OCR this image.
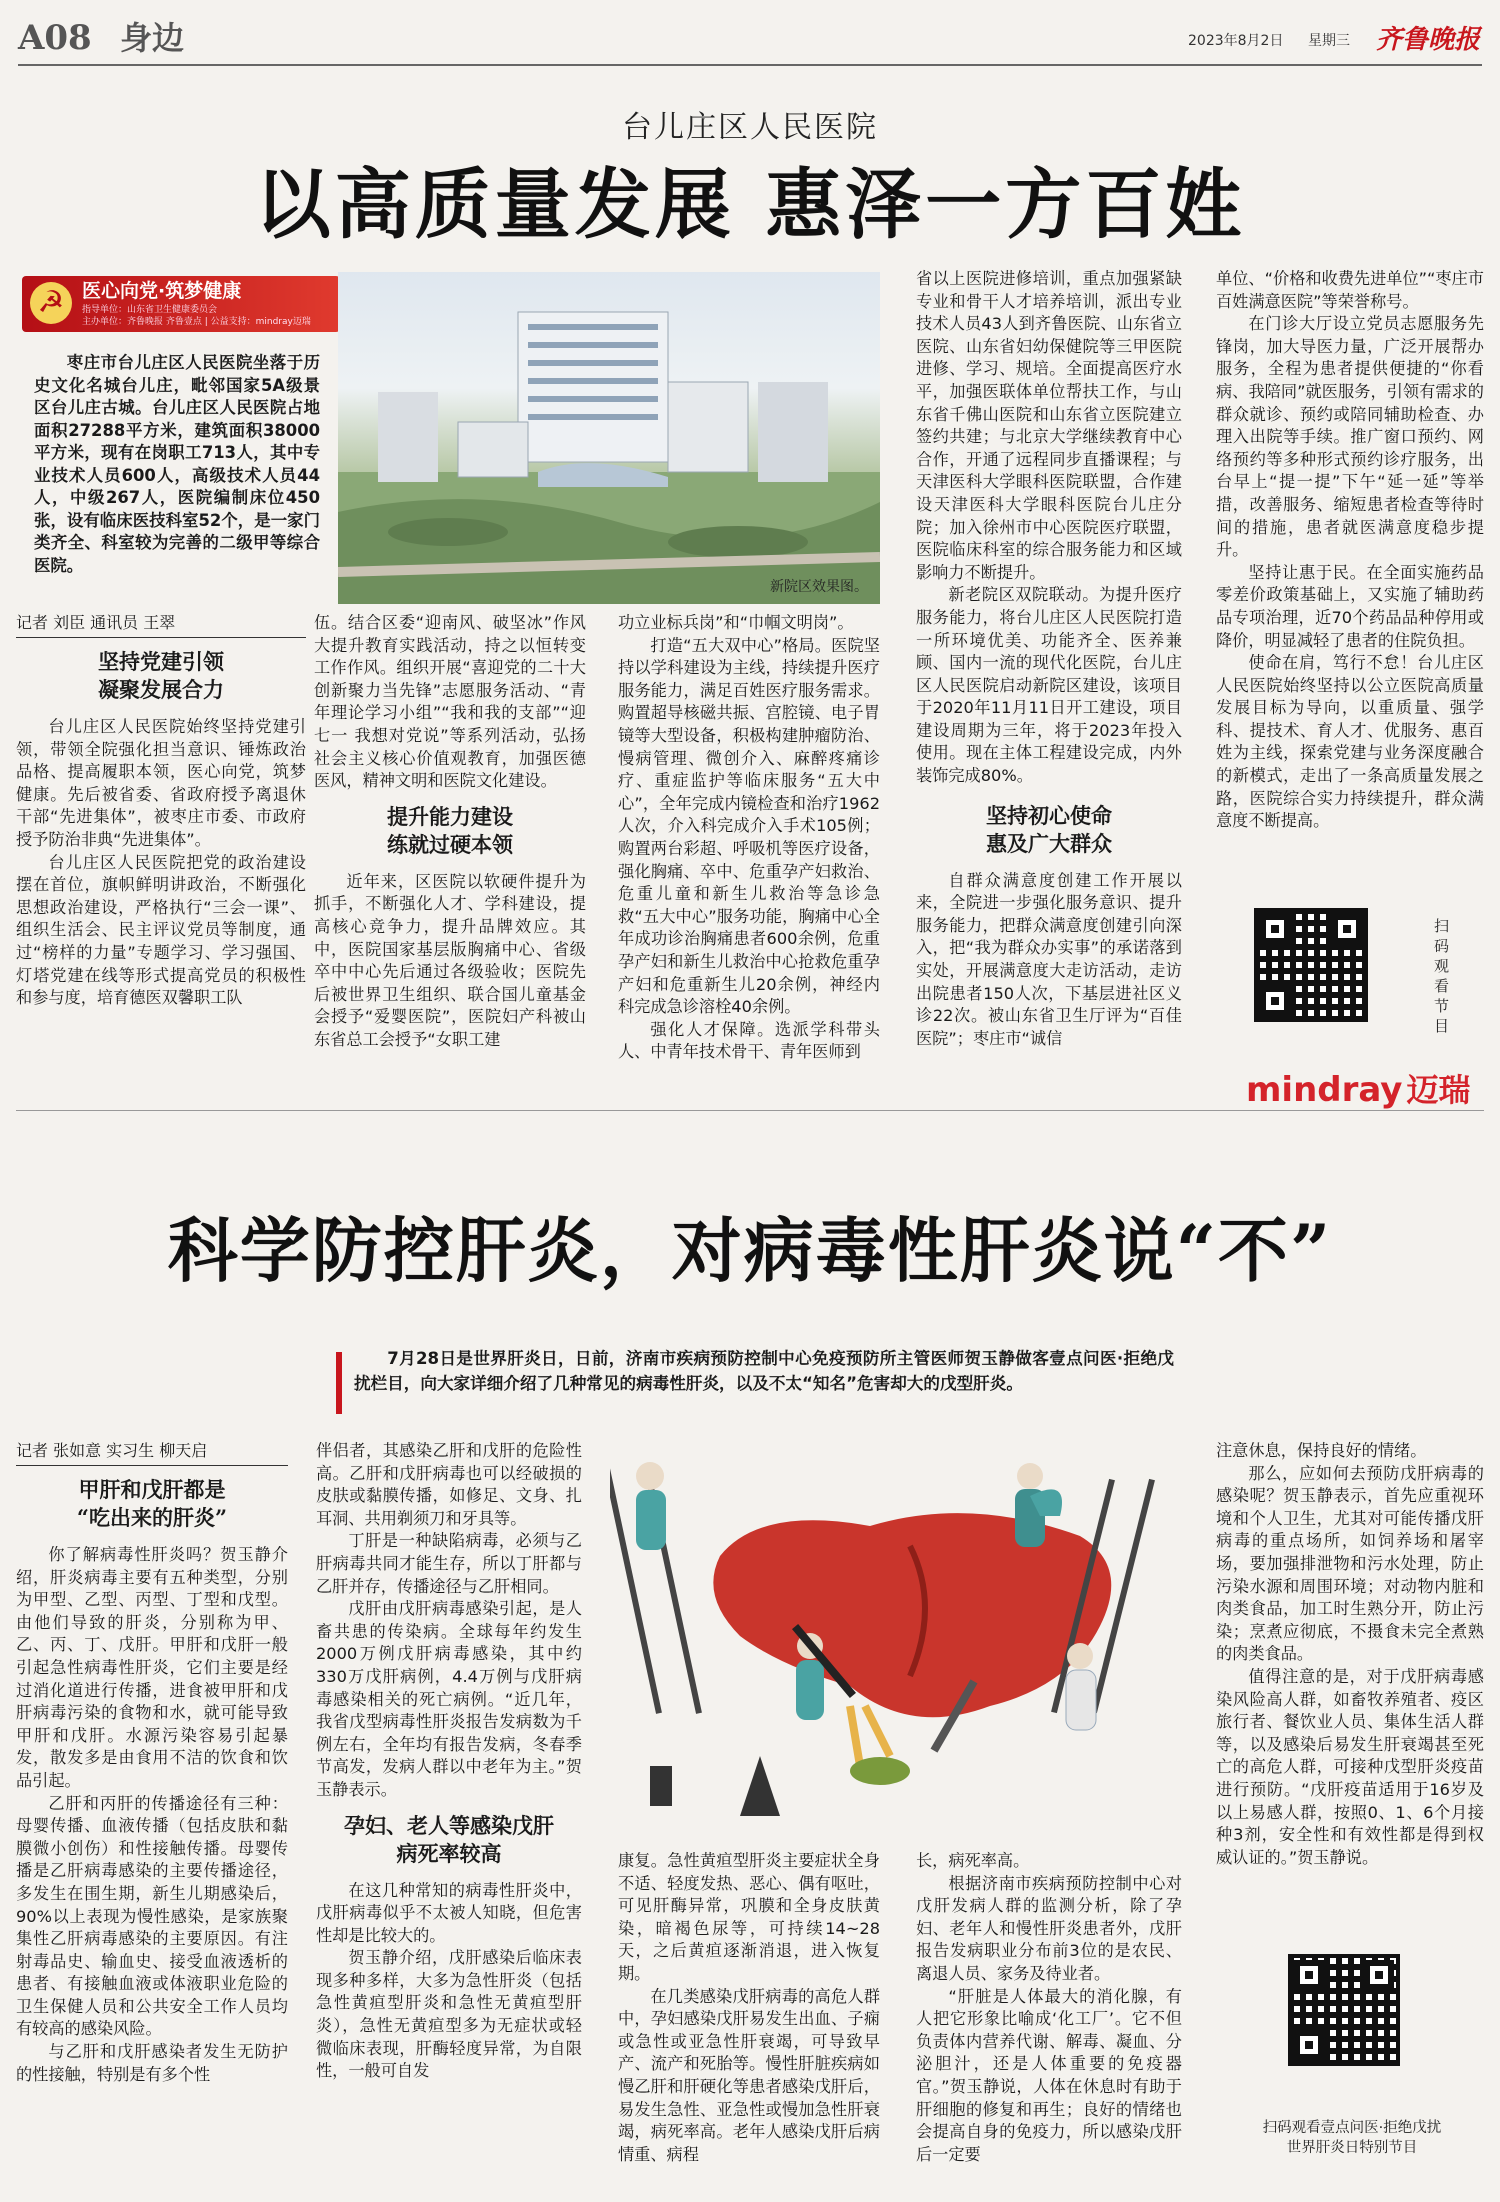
A08 身边	2023年8月2日 星期三 齐鲁晚报
台儿庄区人民医院
以高质量发展 惠泽一方百姓
☭ 医心向党·筑梦健康
指导单位：山东省卫生健康委员会
主办单位：齐鲁晚报 齐鲁壹点 | 公益支持：mindray迈瑞

枣庄市台儿庄区人民医院坐落于历史文化名城台儿庄，毗邻国家5A级景区台儿庄古城。台儿庄区人民医院占地面积27288平方米，建筑面积38000平方米，现有在岗职工713人，其中专业技术人员600人，高级技术人员44人，中级267人，医院编制床位450张，设有临床医技科室52个，是一家门类齐全、科室较为完善的二级甲等综合医院。

新院区效果图。
记者 刘臣 通讯员 王翠
坚持党建引领
凝聚发展合力

台儿庄区人民医院始终坚持党建引领，带领全院强化担当意识、锤炼政治品格、提高履职本领，医心向党，筑梦健康。先后被省委、省政府授予离退休干部“先进集体”，被枣庄市委、市政府授予防治非典“先进集体”。

台儿庄区人民医院把党的政治建设摆在首位，旗帜鲜明讲政治，不断强化思想政治建设，严格执行“三会一课”、组织生活会、民主评议党员等制度，通过“榜样的力量”专题学习、学习强国、灯塔党建在线等形式提高党员的积极性和参与度，培育德医双馨职工队

伍。结合区委“迎南风、破坚冰”作风大提升教育实践活动，持之以恒转变工作作风。组织开展“喜迎党的二十大 创新聚力当先锋”志愿服务活动、“青年理论学习小组”“我和我的支部”“迎七一 我想对党说”等系列活动，弘扬社会主义核心价值观教育，加强医德医风，精神文明和医院文化建设。

提升能力建设
练就过硬本领

近年来，区医院以软硬件提升为抓手，不断强化人才、学科建设，提高核心竞争力，提升品牌效应。其中，医院国家基层版胸痛中心、省级卒中中心先后通过各级验收；医院先后被世界卫生组织、联合国儿童基金会授予“爱婴医院”，医院妇产科被山东省总工会授予“女职工建

功立业标兵岗”和“巾帼文明岗”。

打造“五大双中心”格局。医院坚持以学科建设为主线，持续提升医疗服务能力，满足百姓医疗服务需求。购置超导核磁共振、宫腔镜、电子胃镜等大型设备，积极构建肿瘤防治、慢病管理、微创介入、麻醉疼痛诊疗、重症监护等临床服务“五大中心”，全年完成内镜检查和治疗1962人次，介入科完成介入手术105例；购置两台彩超、呼吸机等医疗设备，强化胸痛、卒中、危重孕产妇救治、危重儿童和新生儿救治等急诊急救“五大中心”服务功能，胸痛中心全年成功诊治胸痛患者600余例，危重孕产妇和新生儿救治中心抢救危重孕产妇和危重新生儿20余例，神经内科完成急诊溶栓40余例。

强化人才保障。选派学科带头人、中青年技术骨干、青年医师到

省以上医院进修培训，重点加强紧缺专业和骨干人才培养培训，派出专业技术人员43人到齐鲁医院、山东省立医院、山东省妇幼保健院等三甲医院进修、学习、规培。全面提高医疗水平，加强医联体单位帮扶工作，与山东省千佛山医院和山东省立医院建立签约共建；与北京大学继续教育中心合作，开通了远程同步直播课程；与天津医科大学眼科医院联盟，合作建设天津医科大学眼科医院台儿庄分院；加入徐州市中心医院医疗联盟，医院临床科室的综合服务能力和区域影响力不断提升。

新老院区双院联动。为提升医疗服务能力，将台儿庄区人民医院打造一所环境优美、功能齐全、医养兼顾、国内一流的现代化医院，台儿庄区人民医院启动新院区建设，该项目于2020年11月11日开工建设，项目建设周期为三年，将于2023年投入使用。现在主体工程建设完成，内外装饰完成80%。

坚持初心使命
惠及广大群众

自群众满意度创建工作开展以来，全院进一步强化服务意识、提升服务能力，把群众满意度创建引向深入，把“我为群众办实事”的承诺落到实处，开展满意度大走访活动，走访出院患者150人次，下基层进社区义诊22次。被山东省卫生厅评为“百佳医院”；枣庄市“诚信

单位、“价格和收费先进单位”“枣庄市百姓满意医院”等荣誉称号。

在门诊大厅设立党员志愿服务先锋岗，加大导医力量，广泛开展帮办服务，全程为患者提供便捷的“你看病、我陪同”就医服务，引领有需求的群众就诊、预约或陪同辅助检查、办理入出院等手续。推广窗口预约、网络预约等多种形式预约诊疗服务，出台早上“提一提”下午“延一延”等举措，改善服务、缩短患者检查等待时间的措施，患者就医满意度稳步提升。

坚持让惠于民。在全面实施药品零差价政策基础上，又实施了辅助药品专项治理，近70个药品品种停用或降价，明显减轻了患者的住院负担。

使命在肩，笃行不怠！台儿庄区人民医院始终坚持以公立医院高质量发展目标为导向，以重质量、强学科、提技术、育人才、优服务、惠百姓为主线，探索党建与业务深度融合的新模式，走出了一条高质量发展之路，医院综合实力持续提升，群众满意度不断提高。

扫码观看节目
mindray 迈瑞
科学防控肝炎，对病毒性肝炎说“不”

7月28日是世界肝炎日，日前，济南市疾病预防控制中心免疫预防所主管医师贺玉静做客壹点问医·拒绝戊扰栏目，向大家详细介绍了几种常见的病毒性肝炎，以及不太“知名”危害却大的戊型肝炎。

记者 张如意 实习生 柳天启
甲肝和戊肝都是
“吃出来的肝炎”

你了解病毒性肝炎吗？贺玉静介绍，肝炎病毒主要有五种类型，分别为甲型、乙型、丙型、丁型和戊型。由他们导致的肝炎，分别称为甲、乙、丙、丁、戊肝。甲肝和戊肝一般引起急性病毒性肝炎，它们主要是经过消化道进行传播，进食被甲肝和戊肝病毒污染的食物和水，就可能导致甲肝和戊肝。水源污染容易引起暴发，散发多是由食用不洁的饮食和饮品引起。

乙肝和丙肝的传播途径有三种：母婴传播、血液传播（包括皮肤和黏膜微小创伤）和性接触传播。母婴传播是乙肝病毒感染的主要传播途径，多发生在围生期，新生儿期感染后，90%以上表现为慢性感染，是家族聚集性乙肝病毒感染的主要原因。有注射毒品史、输血史、接受血液透析的患者、有接触血液或体液职业危险的卫生保健人员和公共安全工作人员均有较高的感染风险。

与乙肝和戊肝感染者发生无防护的性接触，特别是有多个性

伴侣者，其感染乙肝和戊肝的危险性高。乙肝和戊肝病毒也可以经破损的皮肤或黏膜传播，如修足、文身、扎耳洞、共用剃须刀和牙具等。

丁肝是一种缺陷病毒，必须与乙肝病毒共同才能生存，所以丁肝都与乙肝并存，传播途径与乙肝相同。

戊肝由戊肝病毒感染引起，是人畜共患的传染病。全球每年约发生2000万例戊肝病毒感染，其中约330万戊肝病例，4.4万例与戊肝病毒感染相关的死亡病例。“近几年，我省戊型病毒性肝炎报告发病数为千例左右，全年均有报告发病，冬春季节高发，发病人群以中老年为主。”贺玉静表示。

孕妇、老人等感染戊肝
病死率较高

在这几种常知的病毒性肝炎中，戊肝病毒似乎不太被人知晓，但危害性却是比较大的。

贺玉静介绍，戊肝感染后临床表现多种多样，大多为急性肝炎（包括急性黄疸型肝炎和急性无黄疸型肝炎），急性无黄疸型多为无症状或轻微临床表现，肝酶轻度异常，为自限性，一般可自发

康复。急性黄疸型肝炎主要症状全身不适、轻度发热、恶心、偶有呕吐，可见肝酶异常，巩膜和全身皮肤黄染，暗褐色尿等，可持续14~28天，之后黄疸逐渐消退，进入恢复期。

在几类感染戊肝病毒的高危人群中，孕妇感染戊肝易发生出血、子痫或急性或亚急性肝衰竭，可导致早产、流产和死胎等。慢性肝脏疾病如慢乙肝和肝硬化等患者感染戊肝后，易发生急性、亚急性或慢加急性肝衰竭，病死率高。老年人感染戊肝后病情重、病程

长，病死率高。

根据济南市疾病预防控制中心对戊肝发病人群的监测分析，除了孕妇、老年人和慢性肝炎患者外，戊肝报告发病职业分布前3位的是农民、离退人员、家务及待业者。

“肝脏是人体最大的消化腺，有人把它形象比喻成‘化工厂’。它不但负责体内营养代谢、解毒、凝血、分泌胆汁，还是人体重要的免疫器官。”贺玉静说，人体在休息时有助于肝细胞的修复和再生；良好的情绪也会提高自身的免疫力，所以感染戊肝后一定要

注意休息，保持良好的情绪。

那么，应如何去预防戊肝病毒的感染呢？贺玉静表示，首先应重视环境和个人卫生，尤其对可能传播戊肝病毒的重点场所，如饲养场和屠宰场，要加强排泄物和污水处理，防止污染水源和周围环境；对动物内脏和肉类食品，加工时生熟分开，防止污染；烹煮应彻底，不摄食未完全煮熟的肉类食品。

值得注意的是，对于戊肝病毒感染风险高人群，如畜牧养殖者、疫区旅行者、餐饮业人员、集体生活人群等，以及感染后易发生肝衰竭甚至死亡的高危人群，可接种戊型肝炎疫苗进行预防。“戊肝疫苗适用于16岁及以上易感人群，按照0、1、6个月接种3剂，安全性和有效性都是得到权威认证的。”贺玉静说。

扫码观看壹点问医·拒绝戊扰
世界肝炎日特别节目
